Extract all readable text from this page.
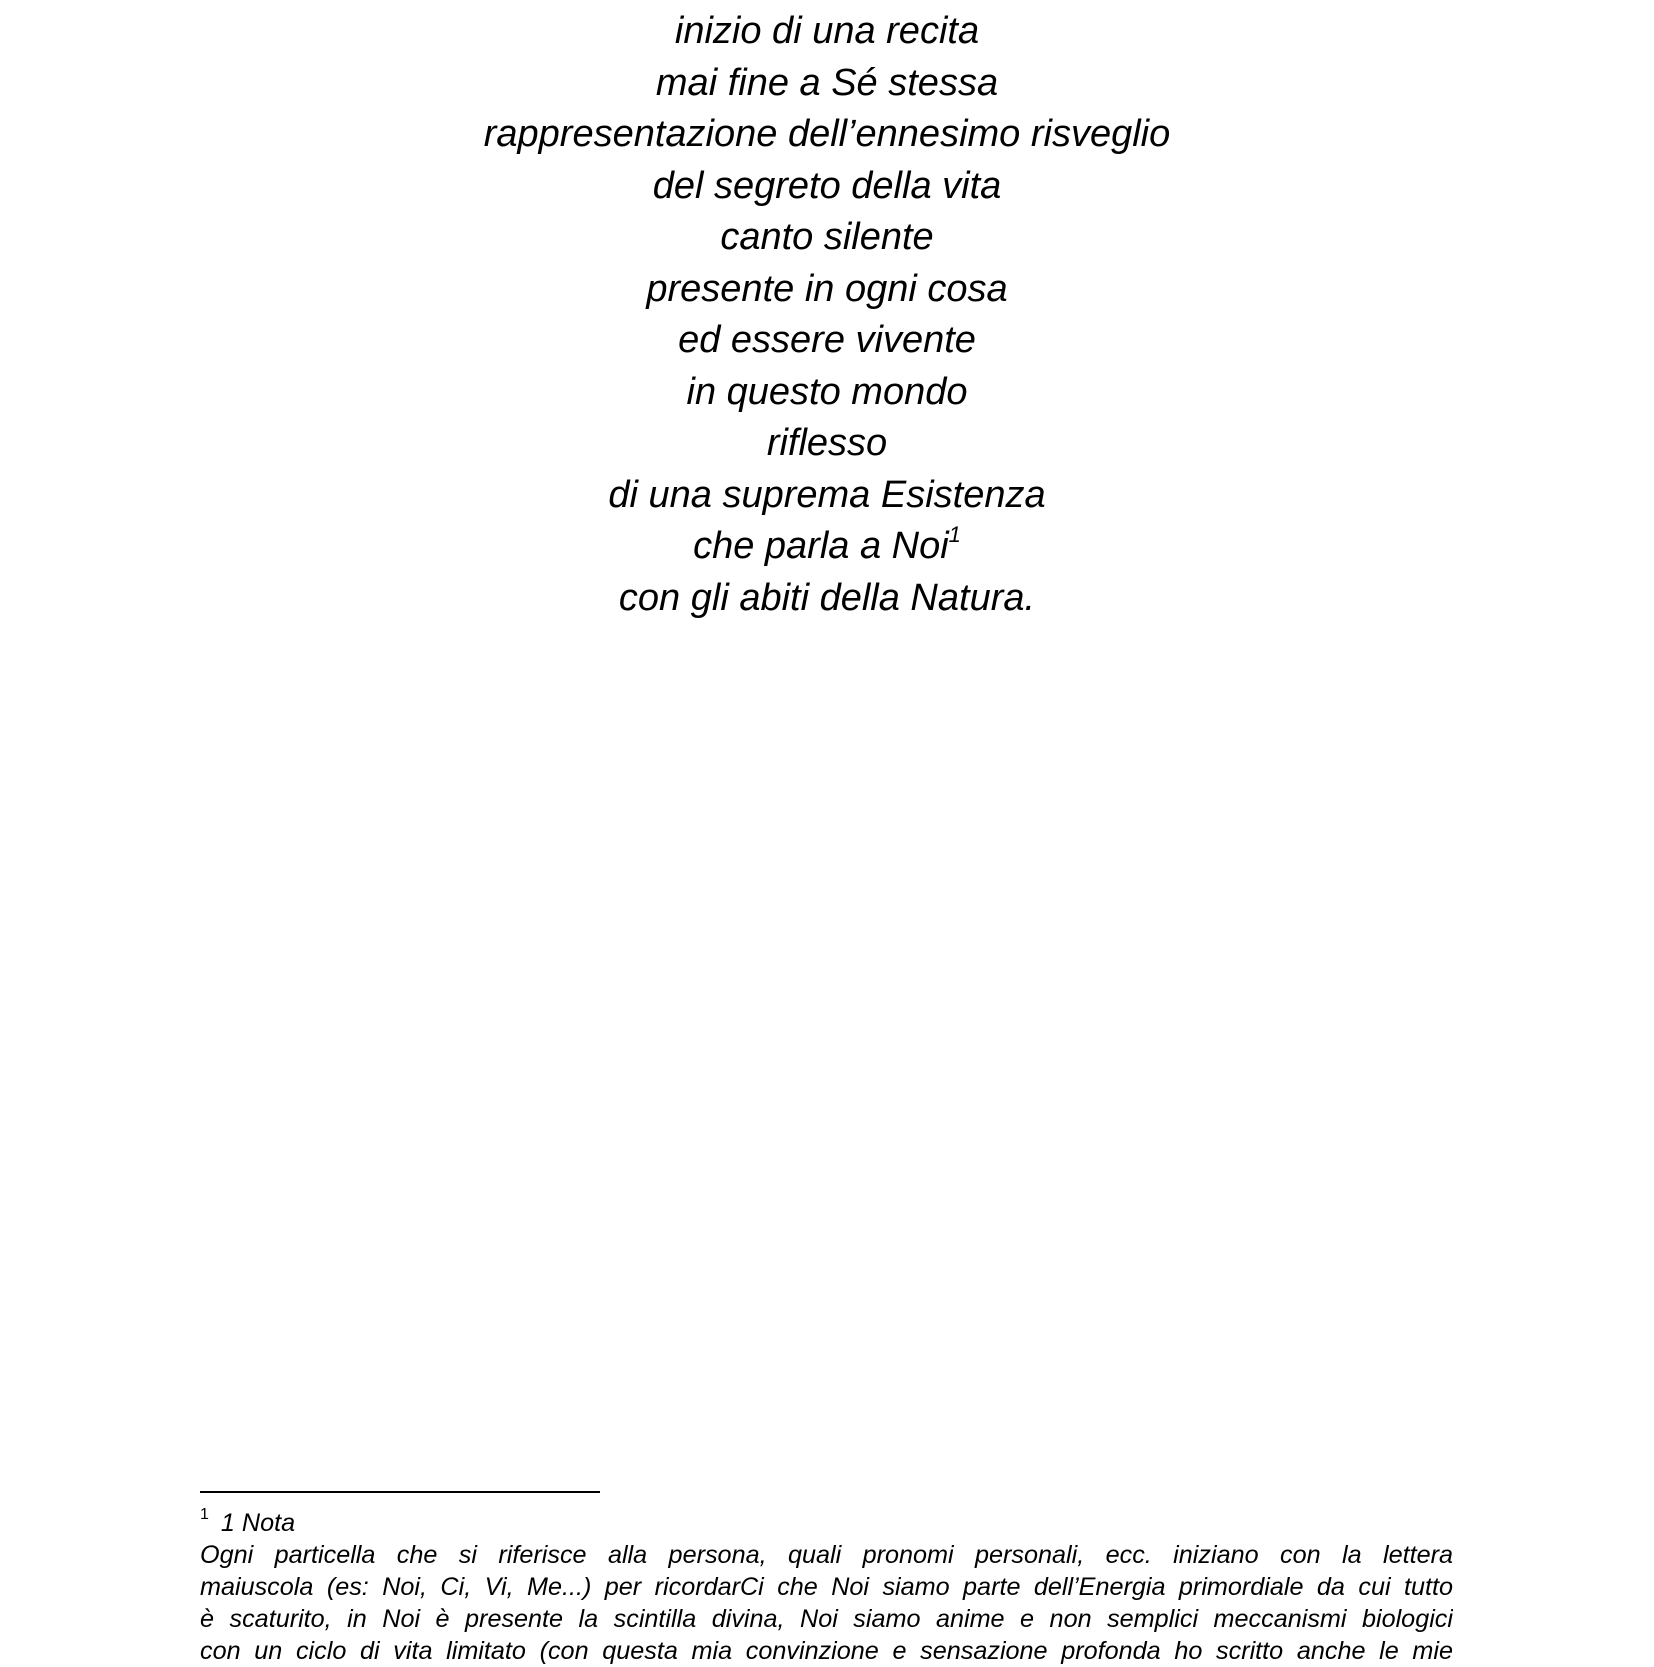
inizio di una recita
mai fine a Sé stessa
rappresentazione dell’ennesimo risveglio
del segreto della vita
canto silente
presente in ogni cosa
ed essere vivente
in questo mondo
riflesso
di una suprema Esistenza
che parla a Noi$^1$
con gli abiti della Natura.
$^1$ 1 Nota
Ogni particella che si riferisce alla persona, quali pronomi personali, ecc. iniziano con la lettera
maiuscola (es: Noi, Ci, Vi, Me...) per ricordarCi che Noi siamo parte dell’Energia primordiale da cui tutto
è scaturito, in Noi è presente la scintilla divina, Noi siamo anime e non semplici meccanismi biologici
con un ciclo di vita limitato (con questa mia convinzione e sensazione profonda ho scritto anche le mie
